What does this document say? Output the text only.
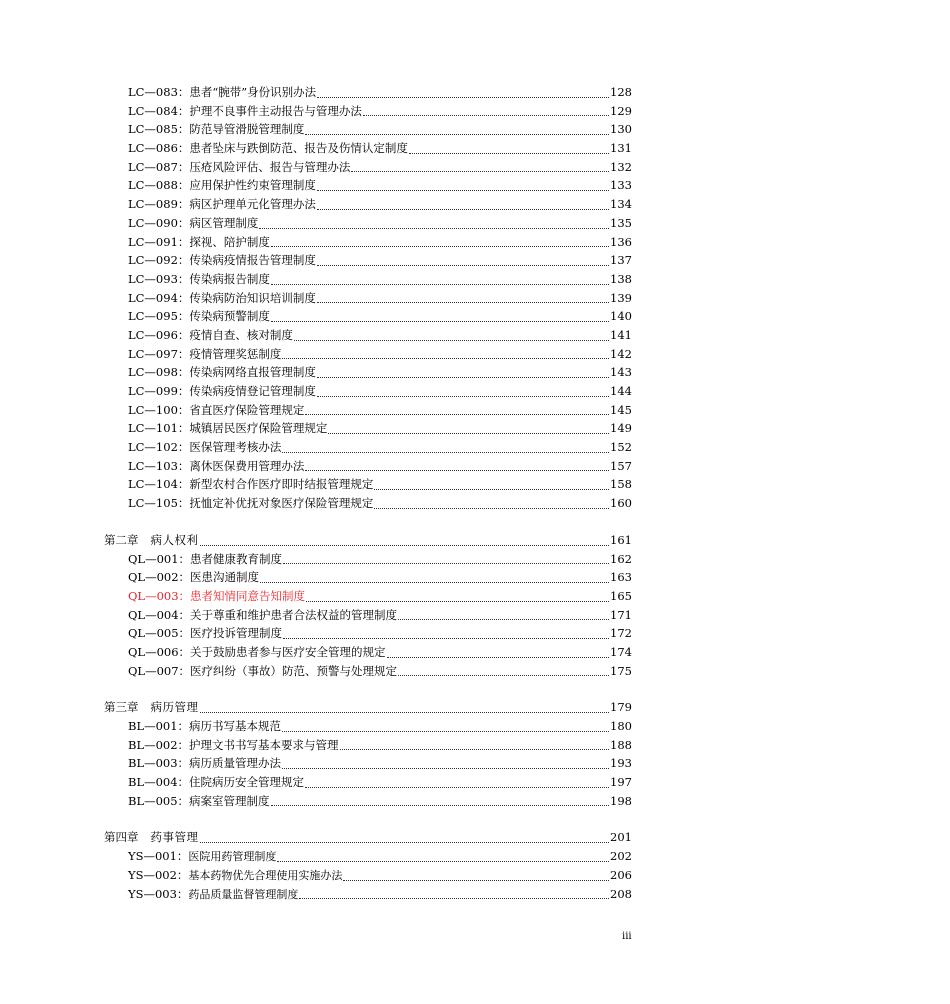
LC—083： 患者“腕带”身份识别办法	128
LC—084： 护理不良事件主动报告与管理办法	129
LC—085： 防范导管滑脱管理制度	130
LC—086： 患者坠床与跌倒防范、报告及伤情认定制度	131
LC—087： 压疮风险评估、报告与管理办法	132
LC—088： 应用保护性约束管理制度	133
LC—089： 病区护理单元化管理办法	134
LC—090： 病区管理制度	135
LC—091： 探视、陪护制度	136
LC—092： 传染病疫情报告管理制度	137
LC—093： 传染病报告制度	138
LC—094： 传染病防治知识培训制度	139
LC—095： 传染病预警制度	140
LC—096： 疫情自查、核对制度	141
LC—097： 疫情管理奖惩制度	142
LC—098： 传染病网络直报管理制度	143
LC—099： 传染病疫情登记管理制度	144
LC—100： 省直医疗保险管理规定	145
LC—101： 城镇居民医疗保险管理规定	149
LC—102： 医保管理考核办法	152
LC—103： 离休医保费用管理办法	157
LC—104： 新型农村合作医疗即时结报管理规定	158
LC—105： 抚恤定补优抚对象医疗保险管理规定	160
第二章 病人权利	161
QL—001： 患者健康教育制度	162
QL—002： 医患沟通制度	163
QL—003： 患者知情同意告知制度	165
QL—004： 关于尊重和维护患者合法权益的管理制度	171
QL—005： 医疗投诉管理制度	172
QL—006： 关于鼓励患者参与医疗安全管理的规定	174
QL—007： 医疗纠纷（事故）防范、预警与处理规定	175
第三章 病历管理	179
BL—001： 病历书写基本规范	180
BL—002： 护理文书书写基本要求与管理	188
BL—003： 病历质量管理办法	193
BL—004： 住院病历安全管理规定	197
BL—005： 病案室管理制度	198
第四章 药事管理	201
YS—001： 医院用药管理制度	202
YS—002： 基本药物优先合理使用实施办法	206
YS—003： 药品质量监督管理制度	208
iii
